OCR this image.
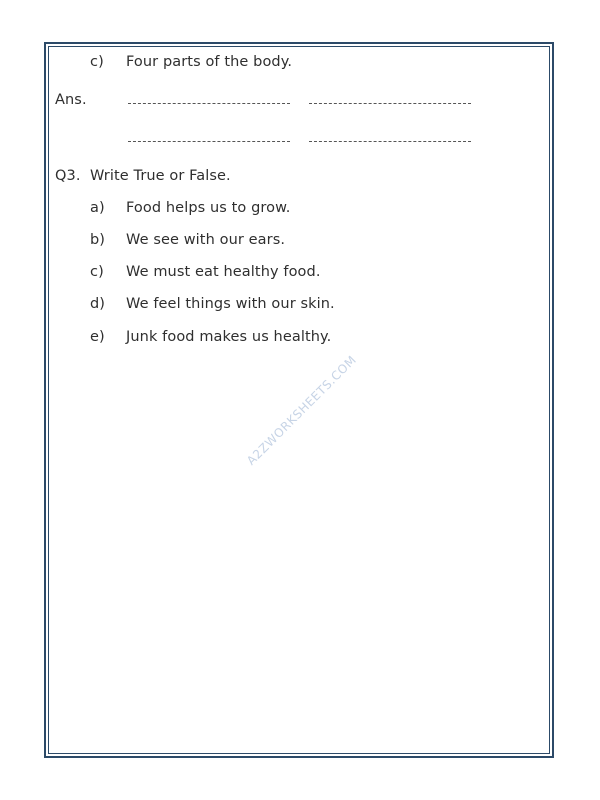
c) Four parts of the body.
Ans.
Q3. Write True or False.
a) Food helps us to grow.
b) We see with our ears.
c) We must eat healthy food.
d) We feel things with our skin.
e) Junk food makes us healthy.
A2ZWORKSHEETS.COM
